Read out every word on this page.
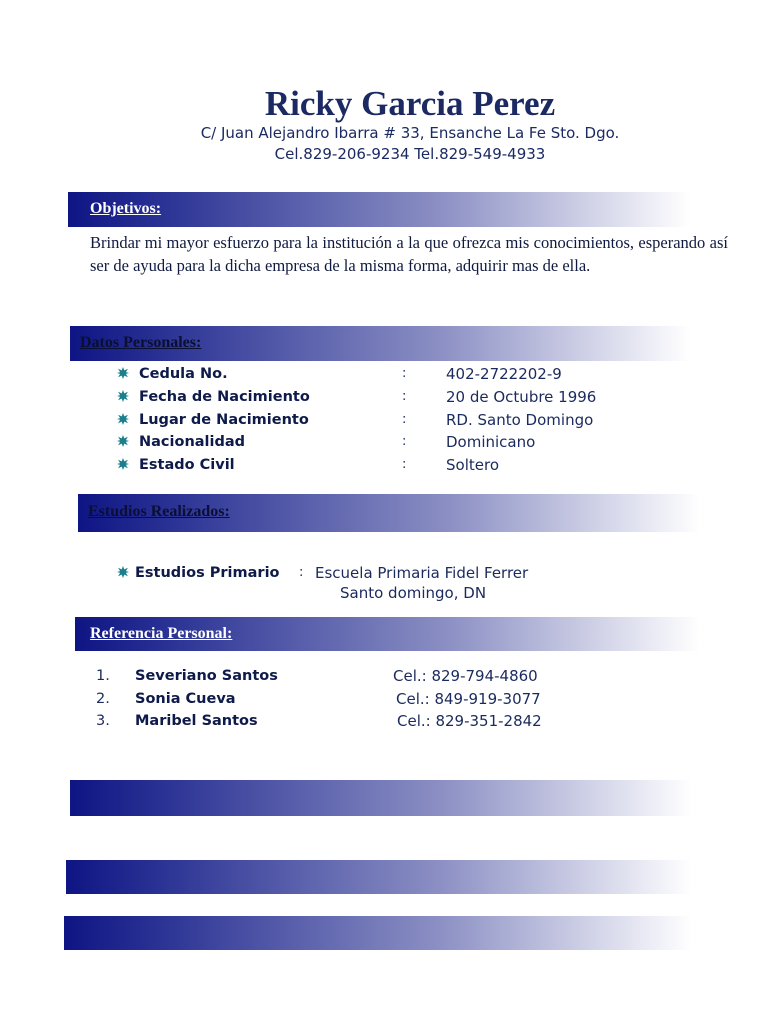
Ricky Garcia Perez
C/ Juan Alejandro Ibarra # 33, Ensanche La Fe Sto. Dgo.
Cel.829-206-9234 Tel.829-549-4933
Objetivos:

Brindar mi mayor esfuerzo para la institución a la que ofrezca mis conocimientos, esperando así ser de ayuda para la dicha empresa de la misma forma, adquirir mas de ella.

Datos Personales:
Cedula No.	:	402-2722202-9
Fecha de Nacimiento	:	20 de Octubre 1996
Lugar de Nacimiento	:	RD. Santo Domingo
Nacionalidad	:	Dominicano
Estado Civil	:	Soltero
Estudios Realizados:
Estudios Primario : Escuela Primaria Fidel Ferrer
Santo domingo, DN
Referencia Personal:
1. Severiano Santos	Cel.: 829-794-4860
2. Sonia Cueva	Cel.: 849-919-3077
3. Maribel Santos	Cel.: 829-351-2842
